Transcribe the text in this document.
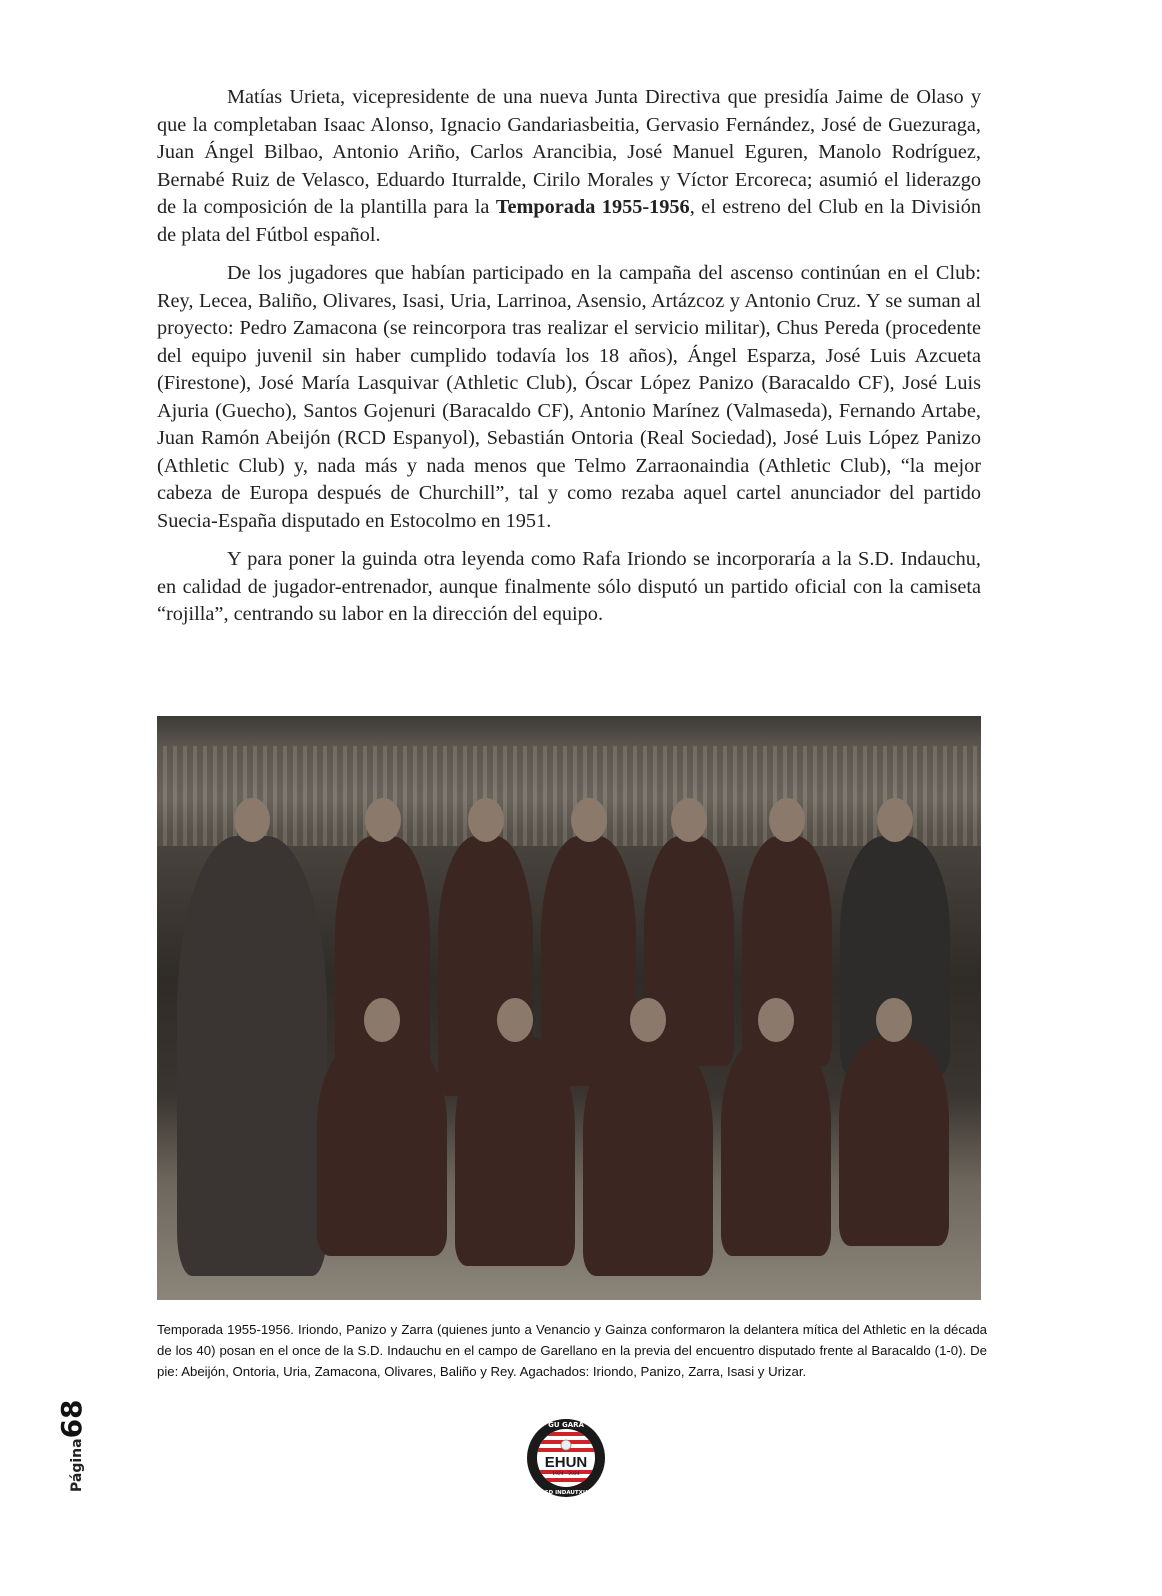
Matías Urieta, vicepresidente de una nueva Junta Directiva que presidía Jaime de Olaso y que la completaban Isaac Alonso, Ignacio Gandariasbeitia, Gervasio Fernández, José de Guezuraga, Juan Ángel Bilbao, Antonio Ariño, Carlos Arancibia, José Manuel Eguren, Manolo Rodríguez, Bernabé Ruiz de Velasco, Eduardo Iturralde, Cirilo Morales y Víctor Ercoreca; asumió el liderazgo de la composición de la plantilla para la Temporada 1955-1956, el estreno del Club en la División de plata del Fútbol español.

De los jugadores que habían participado en la campaña del ascenso continúan en el Club: Rey, Lecea, Baliño, Olivares, Isasi, Uria, Larrinoa, Asensio, Artázcoz y Antonio Cruz. Y se suman al proyecto: Pedro Zamacona (se reincorpora tras realizar el servicio militar), Chus Pereda (procedente del equipo juvenil sin haber cumplido todavía los 18 años), Ángel Esparza, José Luis Azcueta (Firestone), José María Lasquivar (Athletic Club), Óscar López Panizo (Baracaldo CF), José Luis Ajuria (Guecho), Santos Gojenuri (Baracaldo CF), Antonio Marínez (Valmaseda), Fernando Artabe, Juan Ramón Abeijón (RCD Espanyol), Sebastián Ontoria (Real Sociedad), José Luis López Panizo (Athletic Club) y, nada más y nada menos que Telmo Zarraonaindia (Athletic Club), “la mejor cabeza de Europa después de Churchill”, tal y como rezaba aquel cartel anunciador del partido Suecia-España disputado en Estocolmo en 1951.

Y para poner la guinda otra leyenda como Rafa Iriondo se incorporaría a la S.D. Indauchu, en calidad de jugador-entrenador, aunque finalmente sólo disputó un partido oficial con la camiseta “rojilla”, centrando su labor en la dirección del equipo.

Temporada 1955-1956. Iriondo, Panizo y Zarra (quienes junto a Venancio y Gainza conformaron la delantera mítica del Athletic en la década de los 40) posan en el once de la S.D. Indauchu en el campo de Garellano en la previa del encuentro disputado frente al Baracaldo (1-0). De pie: Abeijón, Ontoria, Uria, Zamacona, Olivares, Baliño y Rey. Agachados: Iriondo, Panizo, Zarra, Isasi y Urizar.
Página68	GU GARA
EHUN
1924 - 2024
SD INDAUTXU
